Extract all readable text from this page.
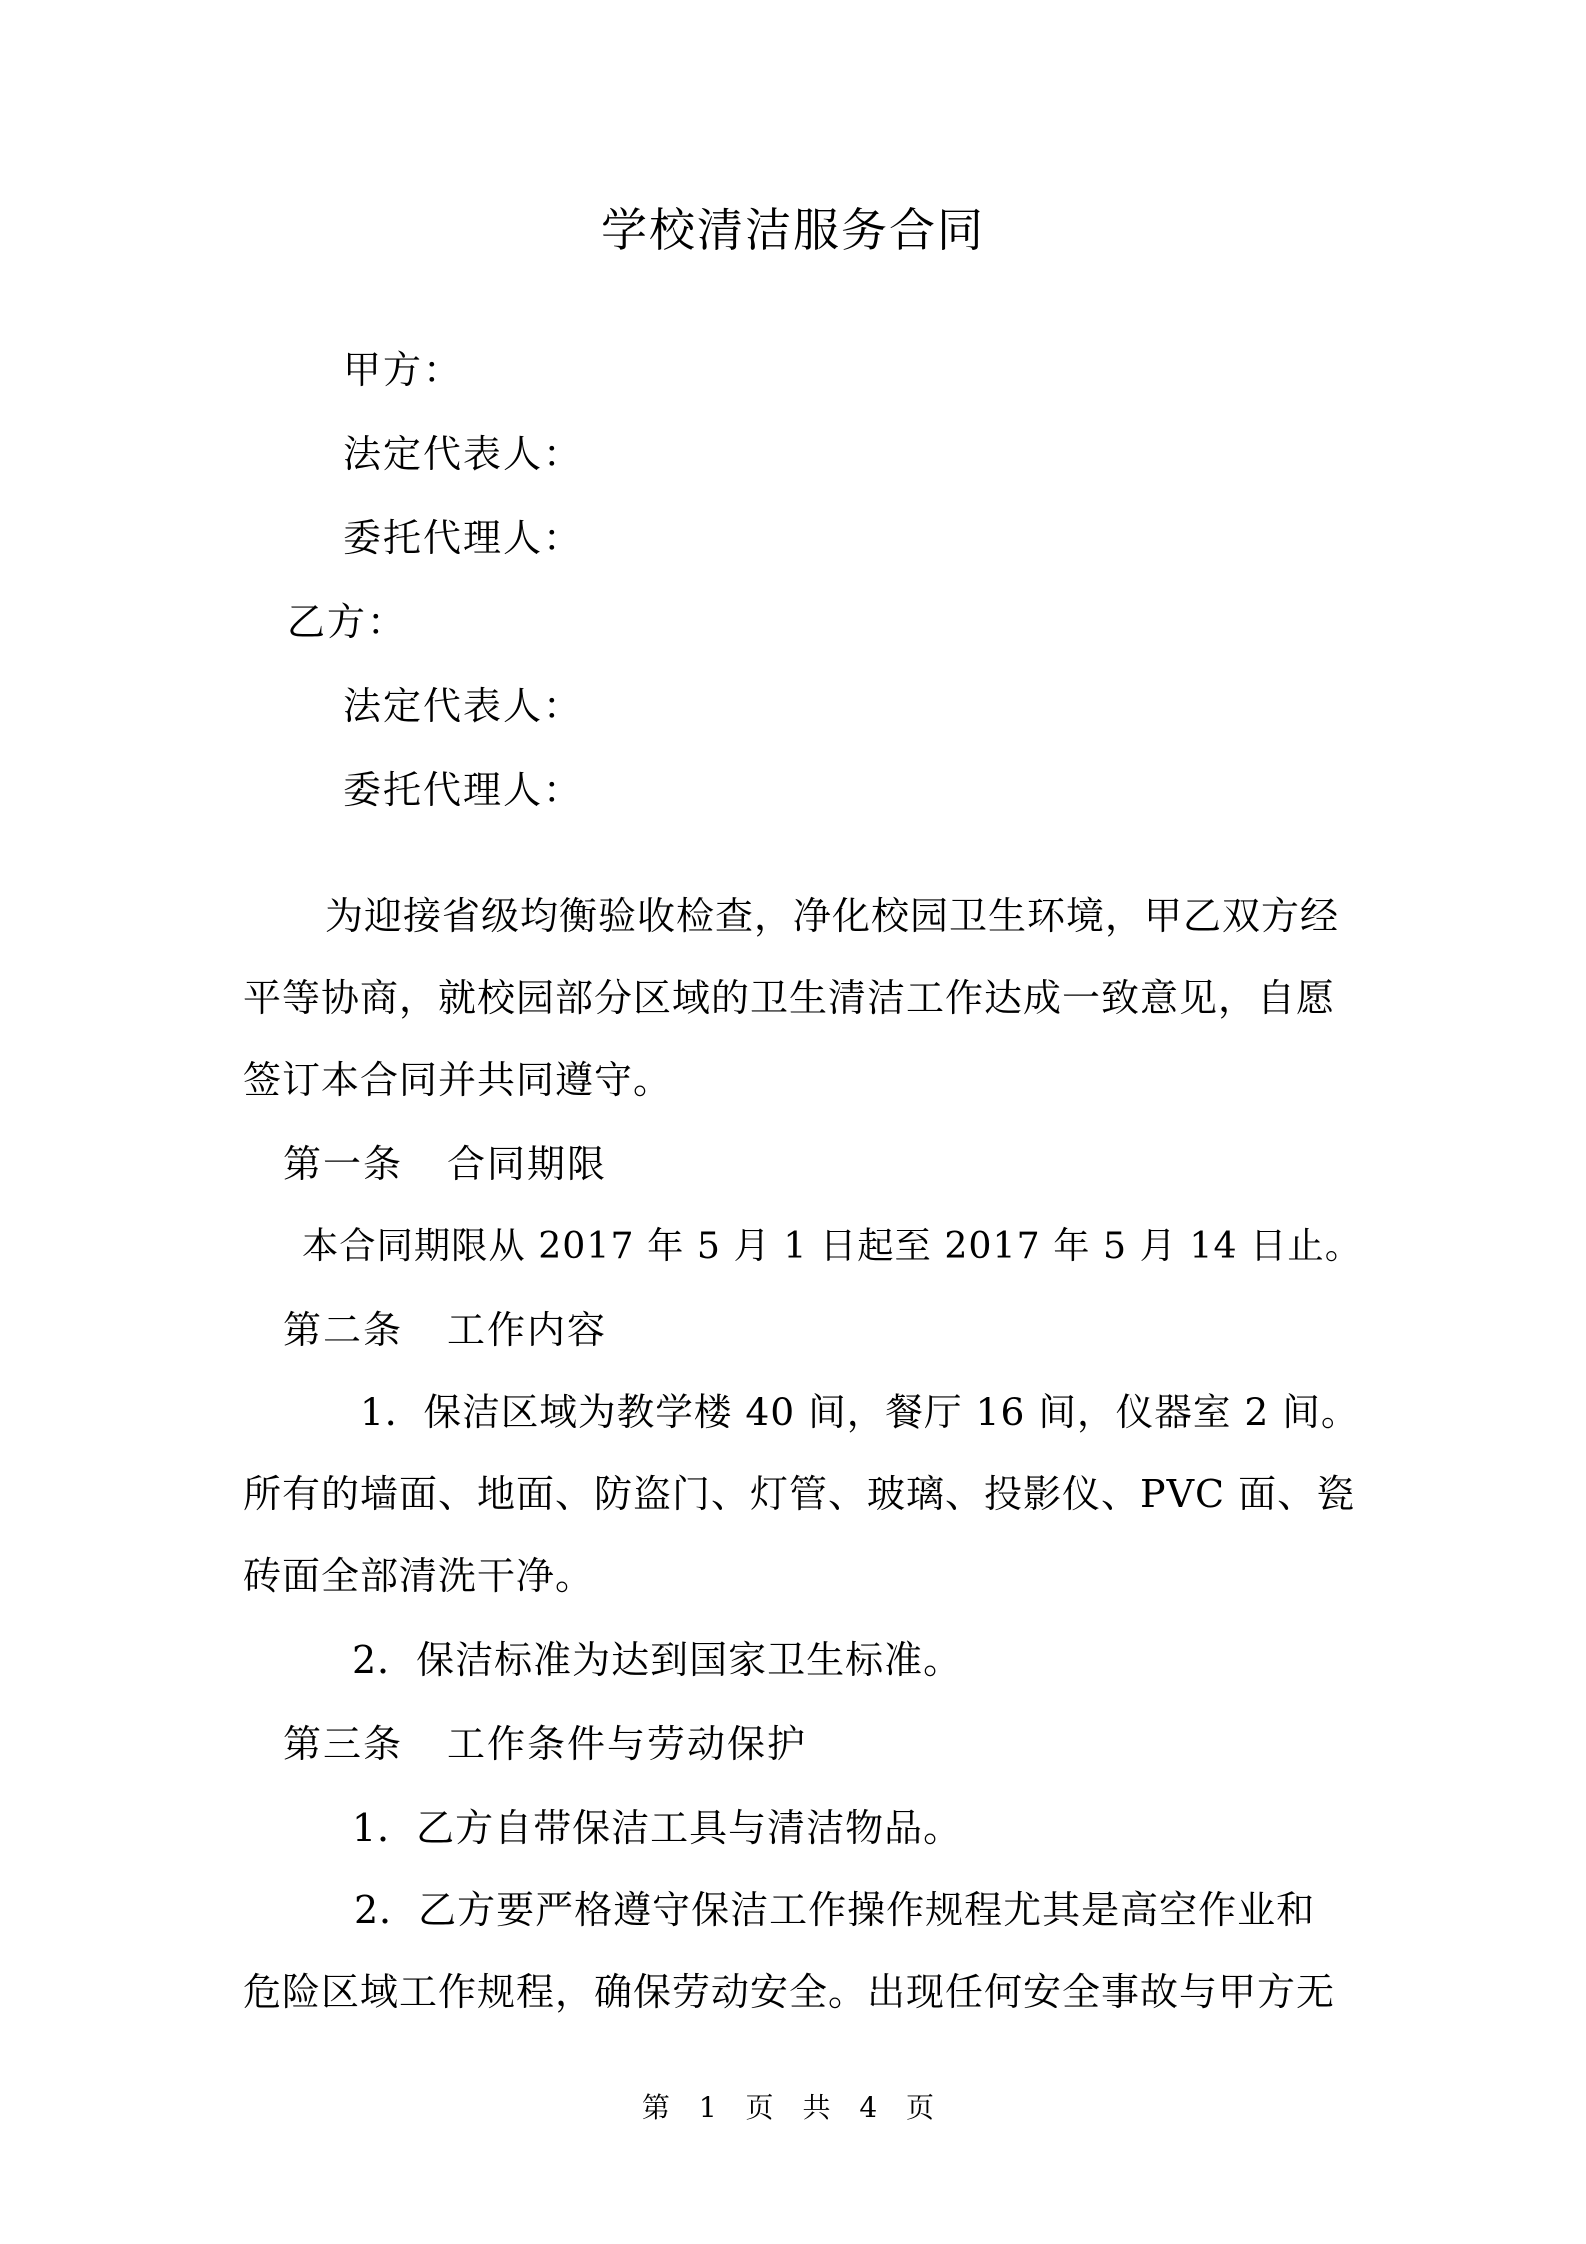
学校清洁服务合同
甲方：
法定代表人：
委托代理人：
乙方：
法定代表人：
委托代理人：
为迎接省级均衡验收检查，净化校园卫生环境，甲乙双方经
平等协商，就校园部分区域的卫生清洁工作达成一致意见，自愿
签订本合同并共同遵守。
第一条 合同期限
本合同期限从 2017 年 5 月 1 日起至 2017 年 5 月 14 日止。
第二条 工作内容
1．保洁区域为教学楼 40 间，餐厅 16 间，仪器室 2 间。
所有的墙面、地面、防盗门、灯管、玻璃、投影仪、PVC 面、瓷
砖面全部清洗干净。
2．保洁标准为达到国家卫生标准。
第三条 工作条件与劳动保护
1．乙方自带保洁工具与清洁物品。
2．乙方要严格遵守保洁工作操作规程尤其是高空作业和
危险区域工作规程，确保劳动安全。出现任何安全事故与甲方无
第 1 页 共 4 页
